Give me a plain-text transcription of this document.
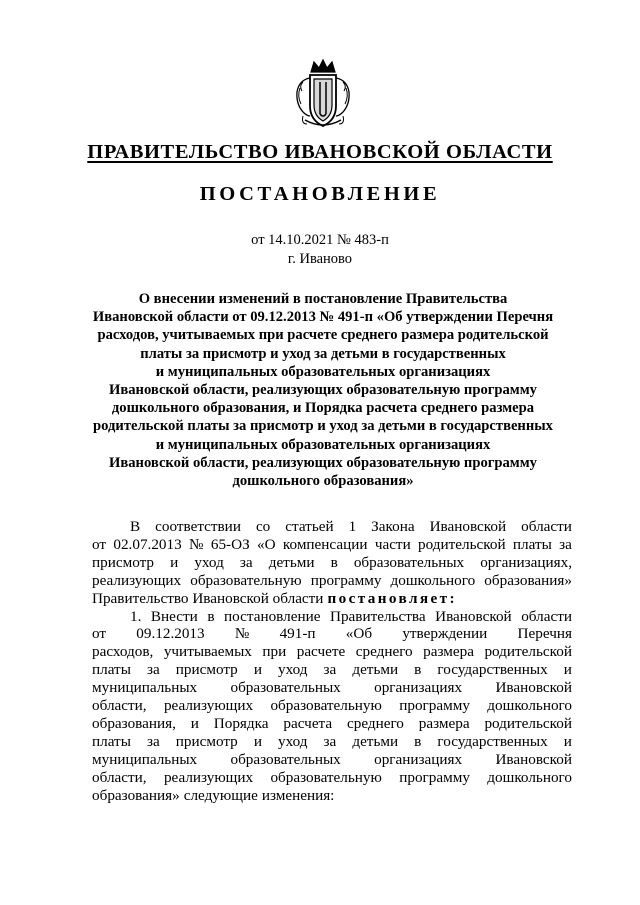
ПРАВИТЕЛЬСТВО ИВАНОВСКОЙ ОБЛАСТИ
ПОСТАНОВЛЕНИЕ
от 14.10.2021 № 483-п
г. Иваново
О внесении изменений в постановление Правительства
Ивановской области от 09.12.2013 № 491-п «Об утверждении Перечня
расходов, учитываемых при расчете среднего размера родительской
платы за присмотр и уход за детьми в государственных
и муниципальных образовательных организациях
Ивановской области, реализующих образовательную программу
дошкольного образования, и Порядка расчета среднего размера
родительской платы за присмотр и уход за детьми в государственных
и муниципальных образовательных организациях
Ивановской области, реализующих образовательную программу
дошкольного образования»
В соответствии со статьей 1 Закона Ивановской области
от 02.07.2013 № 65-ОЗ «О компенсации части родительской платы за
присмотр и уход за детьми в образовательных организациях,
реализующих образовательную программу дошкольного образования»
Правительство Ивановской области постановляет:
1. Внести в постановление Правительства Ивановской области
от 09.12.2013 № 491-п «Об утверждении Перечня
расходов, учитываемых при расчете среднего размера родительской
платы за присмотр и уход за детьми в государственных и
муниципальных образовательных организациях Ивановской
области, реализующих образовательную программу дошкольного
образования, и Порядка расчета среднего размера родительской
платы за присмотр и уход за детьми в государственных и
муниципальных образовательных организациях Ивановской
области, реализующих образовательную программу дошкольного
образования» следующие изменения:
